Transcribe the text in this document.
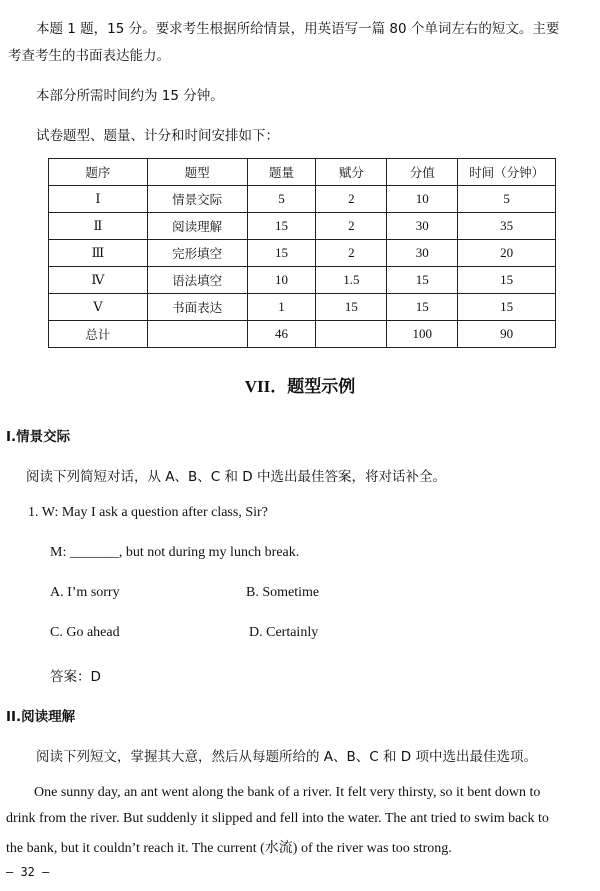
本题 1 题，15 分。要求考生根据所给情景，用英语写一篇 80 个单词左右的短文。主要
考查考生的书面表达能力。
本部分所需时间约为 15 分钟。
试卷题型、题量、计分和时间安排如下：
题序	题型	题量	赋分	分值	时间（分钟）
Ⅰ	情景交际	5	2	10	5
Ⅱ	阅读理解	15	2	30	35
Ⅲ	完形填空	15	2	30	20
Ⅳ	语法填空	10	1.5	15	15
Ⅴ	书面表达	1	15	15	15
总计		46		100	90
VII．题型示例
I.情景交际
阅读下列简短对话，从 A、B、C 和 D 中选出最佳答案，将对话补全。
1. W: May I ask a question after class, Sir?
M: _______, but not during my lunch break.
A. I’m sorry	B. Sometime
C. Go ahead	D. Certainly
答案：D
II.阅读理解
阅读下列短文，掌握其大意，然后从每题所给的 A、B、C 和 D 项中选出最佳选项。
One sunny day, an ant went along the bank of a river. It felt very thirsty, so it bent down to
drink from the river. But suddenly it slipped and fell into the water. The ant tried to swim back to
the bank, but it couldn’t reach it. The current (水流) of the river was too strong.
— 32 —
